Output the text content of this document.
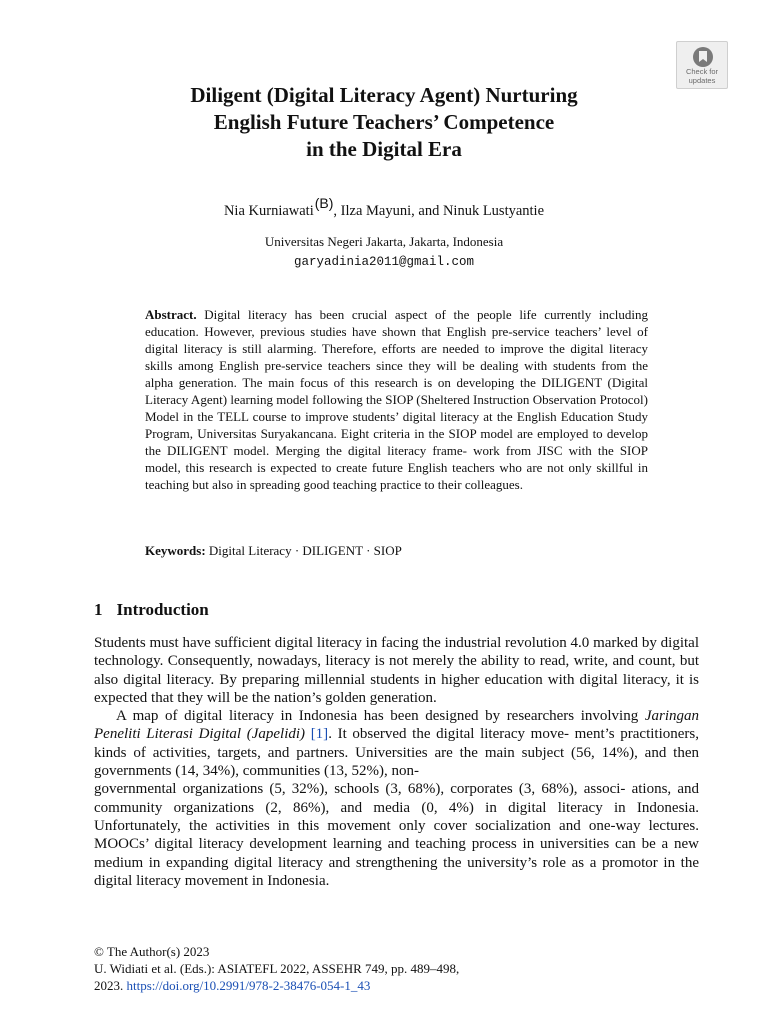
Check for
updates
Diligent (Digital Literacy Agent) Nurturing
English Future Teachers’ Competence
in the Digital Era
Nia Kurniawati(B), Ilza Mayuni, and Ninuk Lustyantie
Universitas Negeri Jakarta, Jakarta, Indonesia
garyadinia2011@gmail.com

Abstract. Digital literacy has been crucial aspect of the people life currently including education. However, previous studies have shown that English pre-service teachers’ level of digital literacy is still alarming. Therefore, efforts are needed to improve the digital literacy skills among English pre-service teachers since they will be dealing with students from the alpha generation. The main focus of this research is on developing the DILIGENT (Digital Literacy Agent) learning model following the SIOP (Sheltered Instruction Observation Protocol) Model in the TELL course to improve students’ digital literacy at the English Education Study Program, Universitas Suryakancana. Eight criteria in the SIOP model are employed to develop the DILIGENT model. Merging the digital literacy frame- work from JISC with the SIOP model, this research is expected to create future English teachers who are not only skillful in teaching but also in spreading good teaching practice to their colleagues.

Keywords: Digital Literacy · DILIGENT · SIOP
1 Introduction

Students must have sufficient digital literacy in facing the industrial revolution 4.0 marked by digital technology. Consequently, nowadays, literacy is not merely the ability to read, write, and count, but also digital literacy. By preparing millennial students in higher education with digital literacy, it is expected that they will be the nation’s golden generation.

A map of digital literacy in Indonesia has been designed by researchers involving Jaringan Peneliti Literasi Digital (Japelidi) [1]. It observed the digital literacy move- ment’s practitioners, kinds of activities, targets, and partners. Universities are the main subject (56, 14%), and then governments (14, 34%), communities (13, 52%), non-

governmental organizations (5, 32%), schools (3, 68%), corporates (3, 68%), associ- ations, and community organizations (2, 86%), and media (0, 4%) in digital literacy in Indonesia. Unfortunately, the activities in this movement only cover socialization and one-way lectures. MOOCs’ digital literacy development learning and teaching process in universities can be a new medium in expanding digital literacy and strengthening the university’s role as a promotor in the digital literacy movement in Indonesia.

© The Author(s) 2023
U. Widiati et al. (Eds.): ASIATEFL 2022, ASSEHR 749, pp. 489–498,
2023. https://doi.org/10.2991/978-2-38476-054-1_43
